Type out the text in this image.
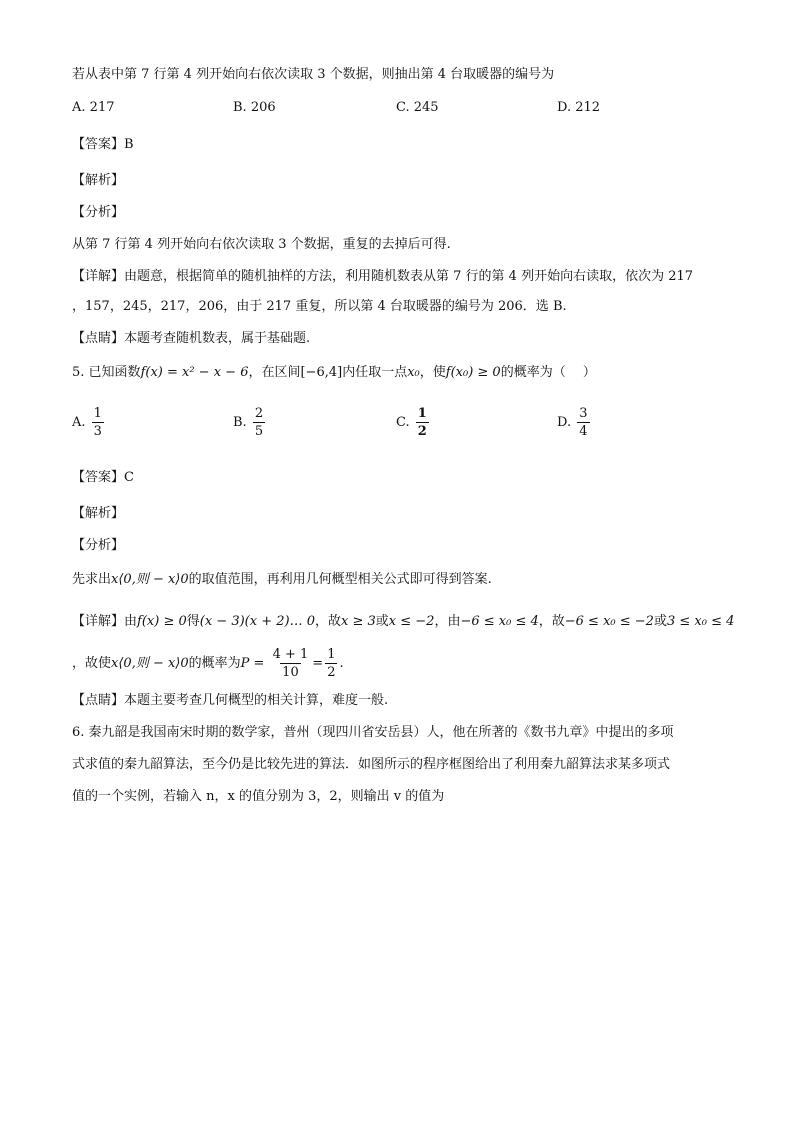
若从表中第 7 行第 4 列开始向右依次读取 3 个数据，则抽出第 4 台取暖器的编号为
A. 217	B. 206	C. 245	D. 212
【答案】B
【解析】
【分析】
从第 7 行第 4 列开始向右依次读取 3 个数据，重复的去掉后可得.
【详解】由题意，根据简单的随机抽样的方法，利用随机数表从第 7 行的第 4 列开始向右读取，依次为 217
，157，245，217，206，由于 217 重复，所以第 4 台取暖器的编号为 206．选 B.
【点睛】本题考查随机数表，属于基础题.
5. 已知函数f(x) = x² − x − 6，在区间[−6,4]内任取一点x₀，使f(x₀) ≥ 0的概率为（　 ）
A. $\frac{1}{3}$	B. $\frac{2}{5}$	C. $\frac{1}{2}$	D. $\frac{3}{4}$
【答案】C
【解析】
【分析】
先求出x⟨0,则 − x⟩0的取值范围，再利用几何概型相关公式即可得到答案.
【详解】由f(x) ≥ 0得(x − 3)(x + 2)… 0，故x ≥ 3或x ≤ −2，由−6 ≤ x₀ ≤ 4，故−6 ≤ x₀ ≤ −2或3 ≤ x₀ ≤ 4
，故使x⟨0,则 − x⟩0的概率为$P = \frac{4 + 1}{10} = \frac{1}{2}$ .
【点睛】本题主要考查几何概型的相关计算，难度一般.
6. 秦九韶是我国南宋时期的数学家，普州（现四川省安岳县）人，他在所著的《数书九章》中提出的多项
式求值的秦九韶算法，至今仍是比较先进的算法．如图所示的程序框图给出了利用秦九韶算法求某多项式
值的一个实例，若输入 n，x 的值分别为 3，2，则输出 v 的值为
